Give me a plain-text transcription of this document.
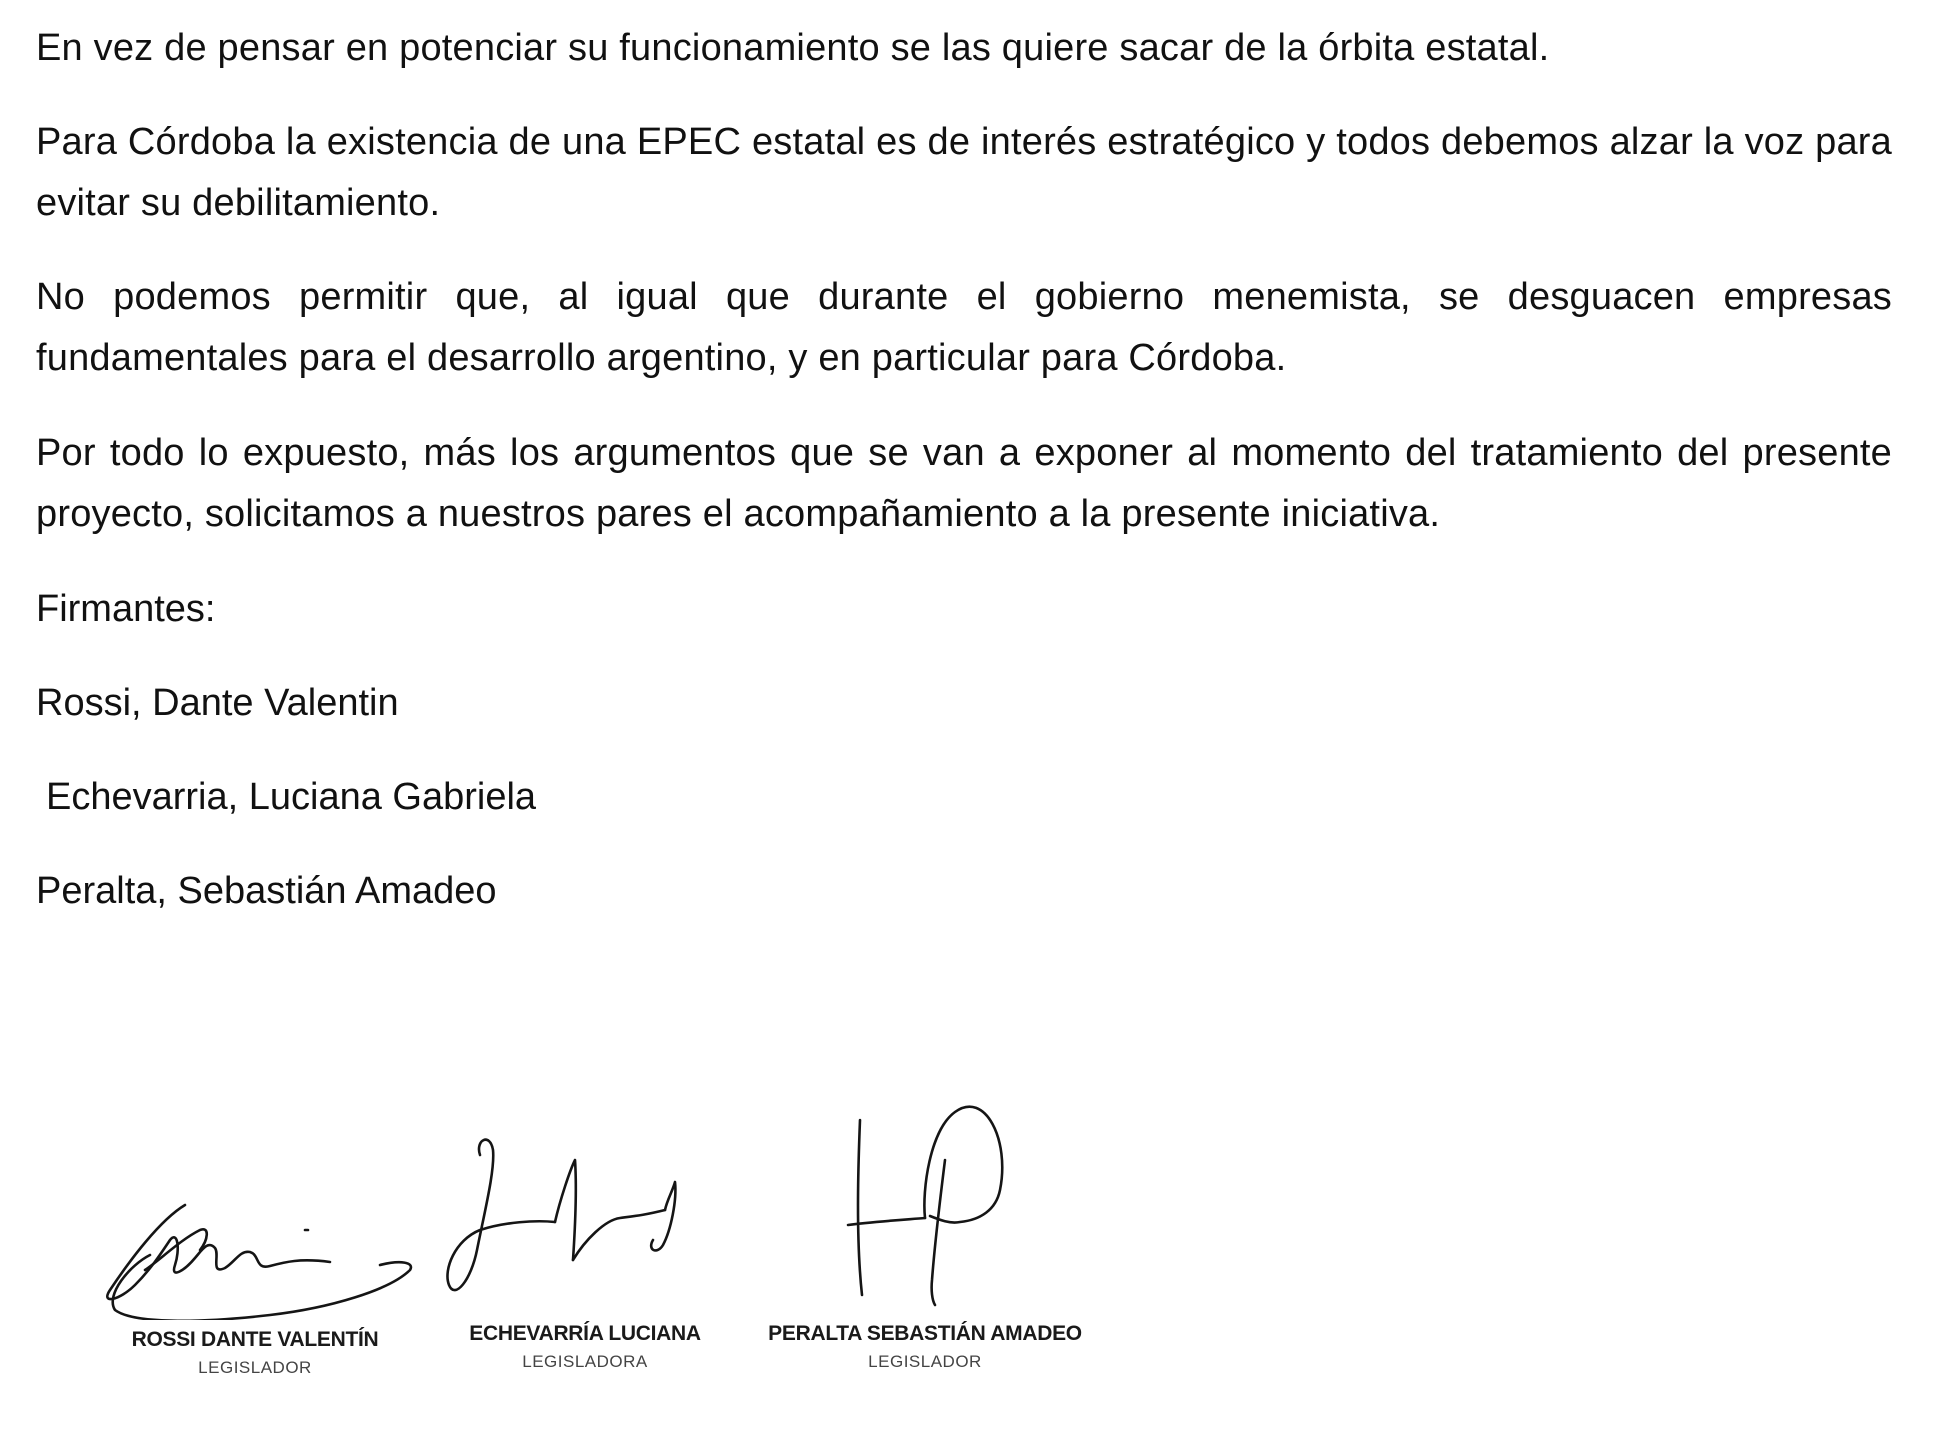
En vez de pensar en potenciar su funcionamiento se las quiere sacar de la órbita estatal.

Para Córdoba la existencia de una EPEC estatal es de interés estratégico y todos debemos alzar la voz para evitar su debilitamiento.

No podemos permitir que, al igual que durante el gobierno menemista, se desguacen empresas fundamentales para el desarrollo argentino, y en particular para Córdoba.

Por todo lo expuesto, más los argumentos que se van a exponer al momento del tratamiento del presente proyecto, solicitamos a nuestros pares el acompañamiento a la presente iniciativa.

Firmantes:

Rossi, Dante Valentin

Echevarria, Luciana Gabriela

Peralta, Sebastián Amadeo

ROSSI DANTE VALENTÍN
LEGISLADOR
ECHEVARRÍA LUCIANA
LEGISLADORA
PERALTA SEBASTIÁN AMADEO
LEGISLADOR
